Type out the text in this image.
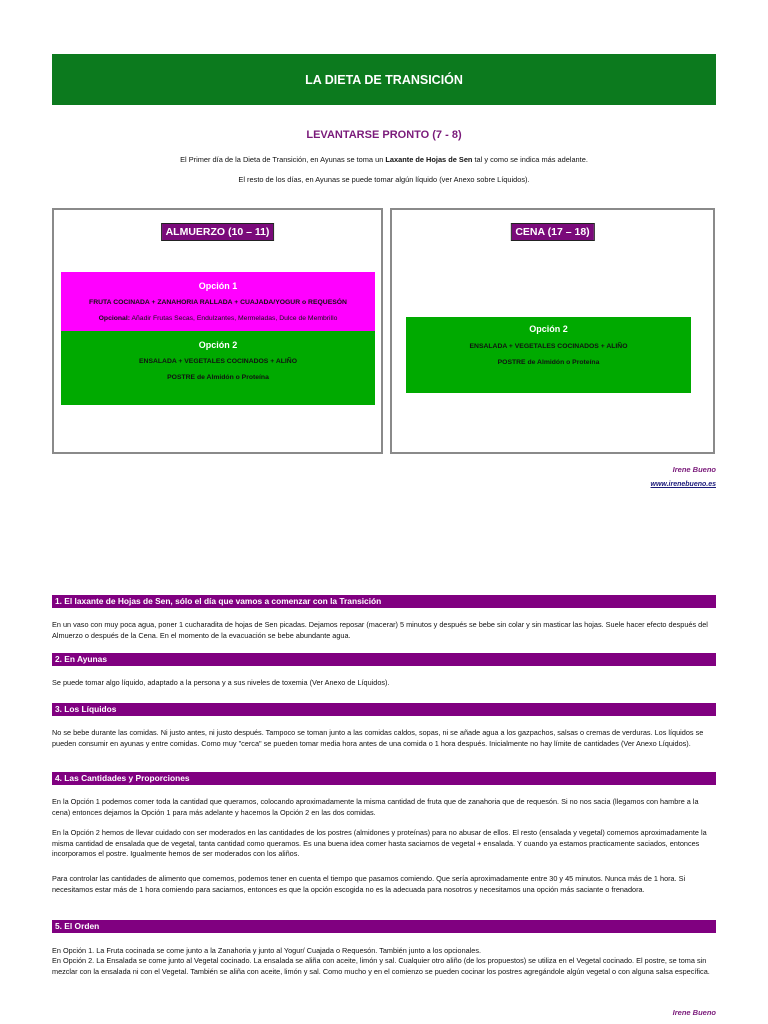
LA DIETA DE TRANSICIÓN
LEVANTARSE PRONTO (7 - 8)
El Primer día de la Dieta de Transición, en Ayunas se toma un Laxante de Hojas de Sen tal y como se indica más adelante.
El resto de los días, en Ayunas se puede tomar algún líquido (ver Anexo sobre Líquidos).
ALMUERZO (10 – 11)
Opción 1
FRUTA COCINADA + ZANAHORIA RALLADA + CUAJADA/YOGUR o REQUESÓN
Opcional: Añadir Frutas Secas, Endulzantes, Mermeladas, Dulce de Membrillo
Opción 2
ENSALADA + VEGETALES COCINADOS + ALIÑO
POSTRE de Almidón o Proteína
CENA (17 – 18)
Opción 2
ENSALADA + VEGETALES COCINADOS + ALIÑO
POSTRE de Almidón o Proteína
Irene Bueno
www.irenebueno.es
1. El laxante de Hojas de Sen, sólo el día que vamos a comenzar con la Transición
En un vaso con muy poca agua, poner 1 cucharadita de hojas de Sen picadas. Dejamos reposar (macerar) 5 minutos y después se bebe sin colar y sin masticar las hojas. Suele hacer efecto después del Almuerzo o después de la Cena. En el momento de la evacuación se bebe abundante agua.
2. En Ayunas
Se puede tomar algo líquido, adaptado a la persona y a sus niveles de toxemia (Ver Anexo de Líquidos).
3. Los Líquidos
No se bebe durante las comidas. Ni justo antes, ni justo después. Tampoco se toman junto a las comidas caldos, sopas, ni se añade agua a los gazpachos, salsas o cremas de verduras. Los líquidos se pueden consumir en ayunas y entre comidas. Como muy "cerca" se pueden tomar media hora antes de una comida o 1 hora después. Inicialmente no hay límite de cantidades (Ver Anexo Líquidos).
4. Las Cantidades y Proporciones
En la Opción 1 podemos comer toda la cantidad que queramos, colocando aproximadamente la misma cantidad de fruta que de zanahoria que de requesón. Si no nos sacia (llegamos con hambre a la cena) entonces dejamos la Opción 1 para más adelante y hacemos la Opción 2 en las dos comidas.
En la Opción 2 hemos de llevar cuidado con ser moderados en las cantidades de los postres (almidones y proteínas) para no abusar de ellos. El resto (ensalada y vegetal) comemos aproximadamente la misma cantidad de ensalada que de vegetal, tanta cantidad como queramos. Es una buena idea comer hasta saciarnos de vegetal + ensalada. Y cuando ya estamos practicamente saciados, entonces incorporamos el postre. Igualmente hemos de ser moderados con los aliños.
Para controlar las cantidades de alimento que comemos, podemos tener en cuenta el tiempo que pasamos comiendo. Que sería aproximadamente entre 30 y 45 minutos. Nunca más de 1 hora. Si necesitamos estar más de 1 hora comiendo para saciarnos, entonces es que la opción escogida no es la adecuada para nosotros y necesitamos una opción más saciante o frenadora.
5. El Orden
En Opción 1. La Fruta cocinada se come junto a la Zanahoria y junto al Yogur/ Cuajada o Requesón. También junto a los opcionales.
En Opción 2. La Ensalada se come junto al Vegetal cocinado. La ensalada se aliña con aceite, limón y sal. Cualquier otro aliño (de los propuestos) se utiliza en el Vegetal cocinado. El postre, se toma sin mezclar con la ensalada ni con el Vegetal. También se aliña con aceite, limón y sal. Como mucho y en el comienzo se pueden cocinar los postres agregándole algún vegetal o con alguna salsa específica.
Irene Bueno
